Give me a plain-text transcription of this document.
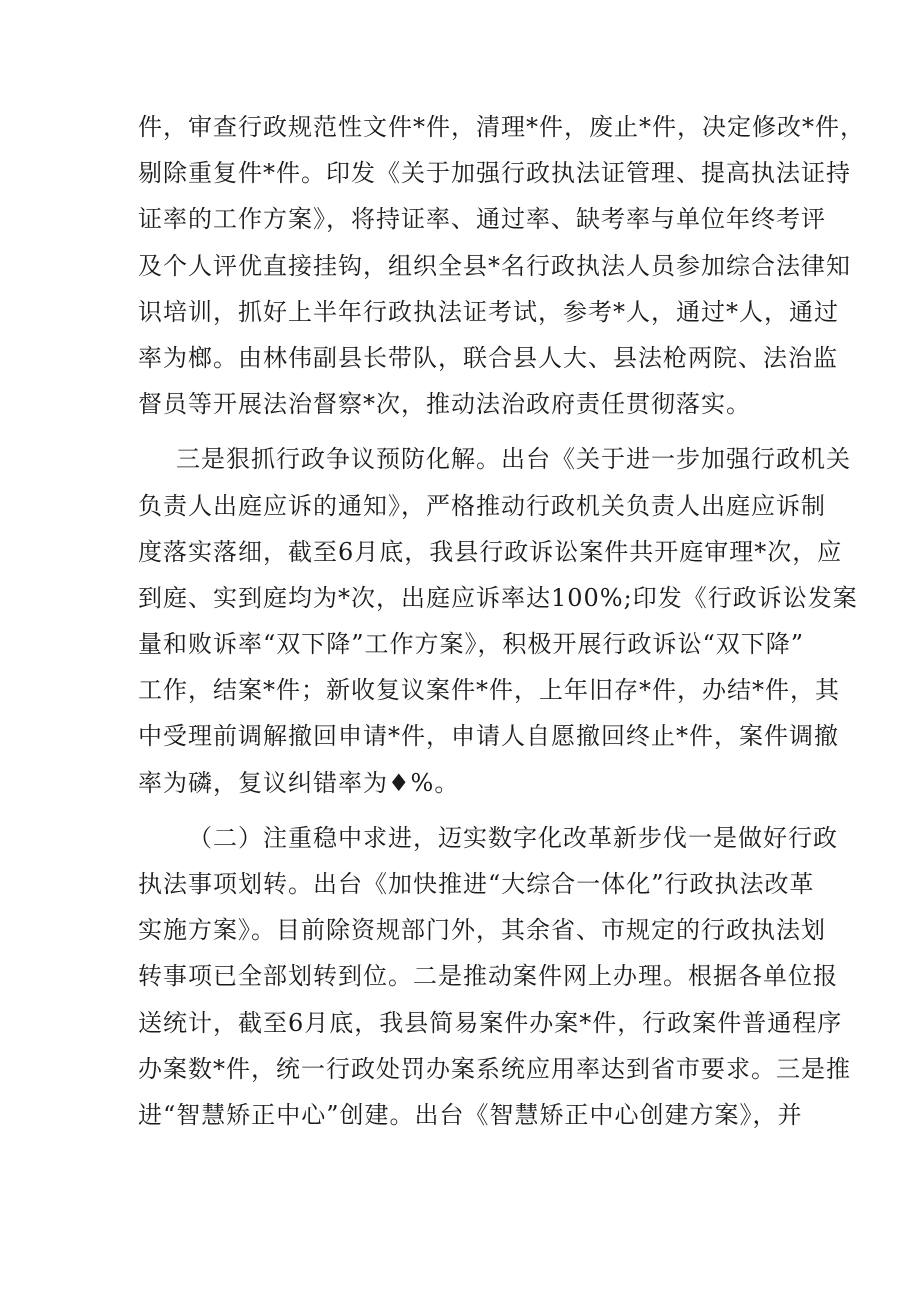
件，审查行政规范性文件*件，清理*件，废止*件，决定修改*件，
剔除重复件*件。印发《关于加强行政执法证管理、提高执法证持
证率的工作方案》，将持证率、通过率、缺考率与单位年终考评
及个人评优直接挂钩，组织全县*名行政执法人员参加综合法律知
识培训，抓好上半年行政执法证考试，参考*人，通过*人，通过
率为榔。由林伟副县长带队，联合县人大、县法枪两院、法治监
督员等开展法治督察*次，推动法治政府责任贯彻落实。
三是狠抓行政争议预防化解。出台《关于进一步加强行政机关
负责人出庭应诉的通知》，严格推动行政机关负责人出庭应诉制
度落实落细，截至6月底，我县行政诉讼案件共开庭审理*次，应
到庭、实到庭均为*次，出庭应诉率达100%;印发《行政诉讼发案
量和败诉率“双下降”工作方案》，积极开展行政诉讼“双下降”
工作，结案*件；新收复议案件*件，上年旧存*件，办结*件，其
中受理前调解撤回申请*件，申请人自愿撤回终止*件，案件调撤
率为磷，复议纠错率为♦%。
（二）注重稳中求进，迈实数字化改革新步伐一是做好行政
执法事项划转。出台《加快推进“大综合一体化”行政执法改革
实施方案》。目前除资规部门外，其余省、市规定的行政执法划
转事项已全部划转到位。二是推动案件网上办理。根据各单位报
送统计，截至6月底，我县简易案件办案*件，行政案件普通程序
办案数*件，统一行政处罚办案系统应用率达到省市要求。三是推
进“智慧矫正中心”创建。出台《智慧矫正中心创建方案》，并
